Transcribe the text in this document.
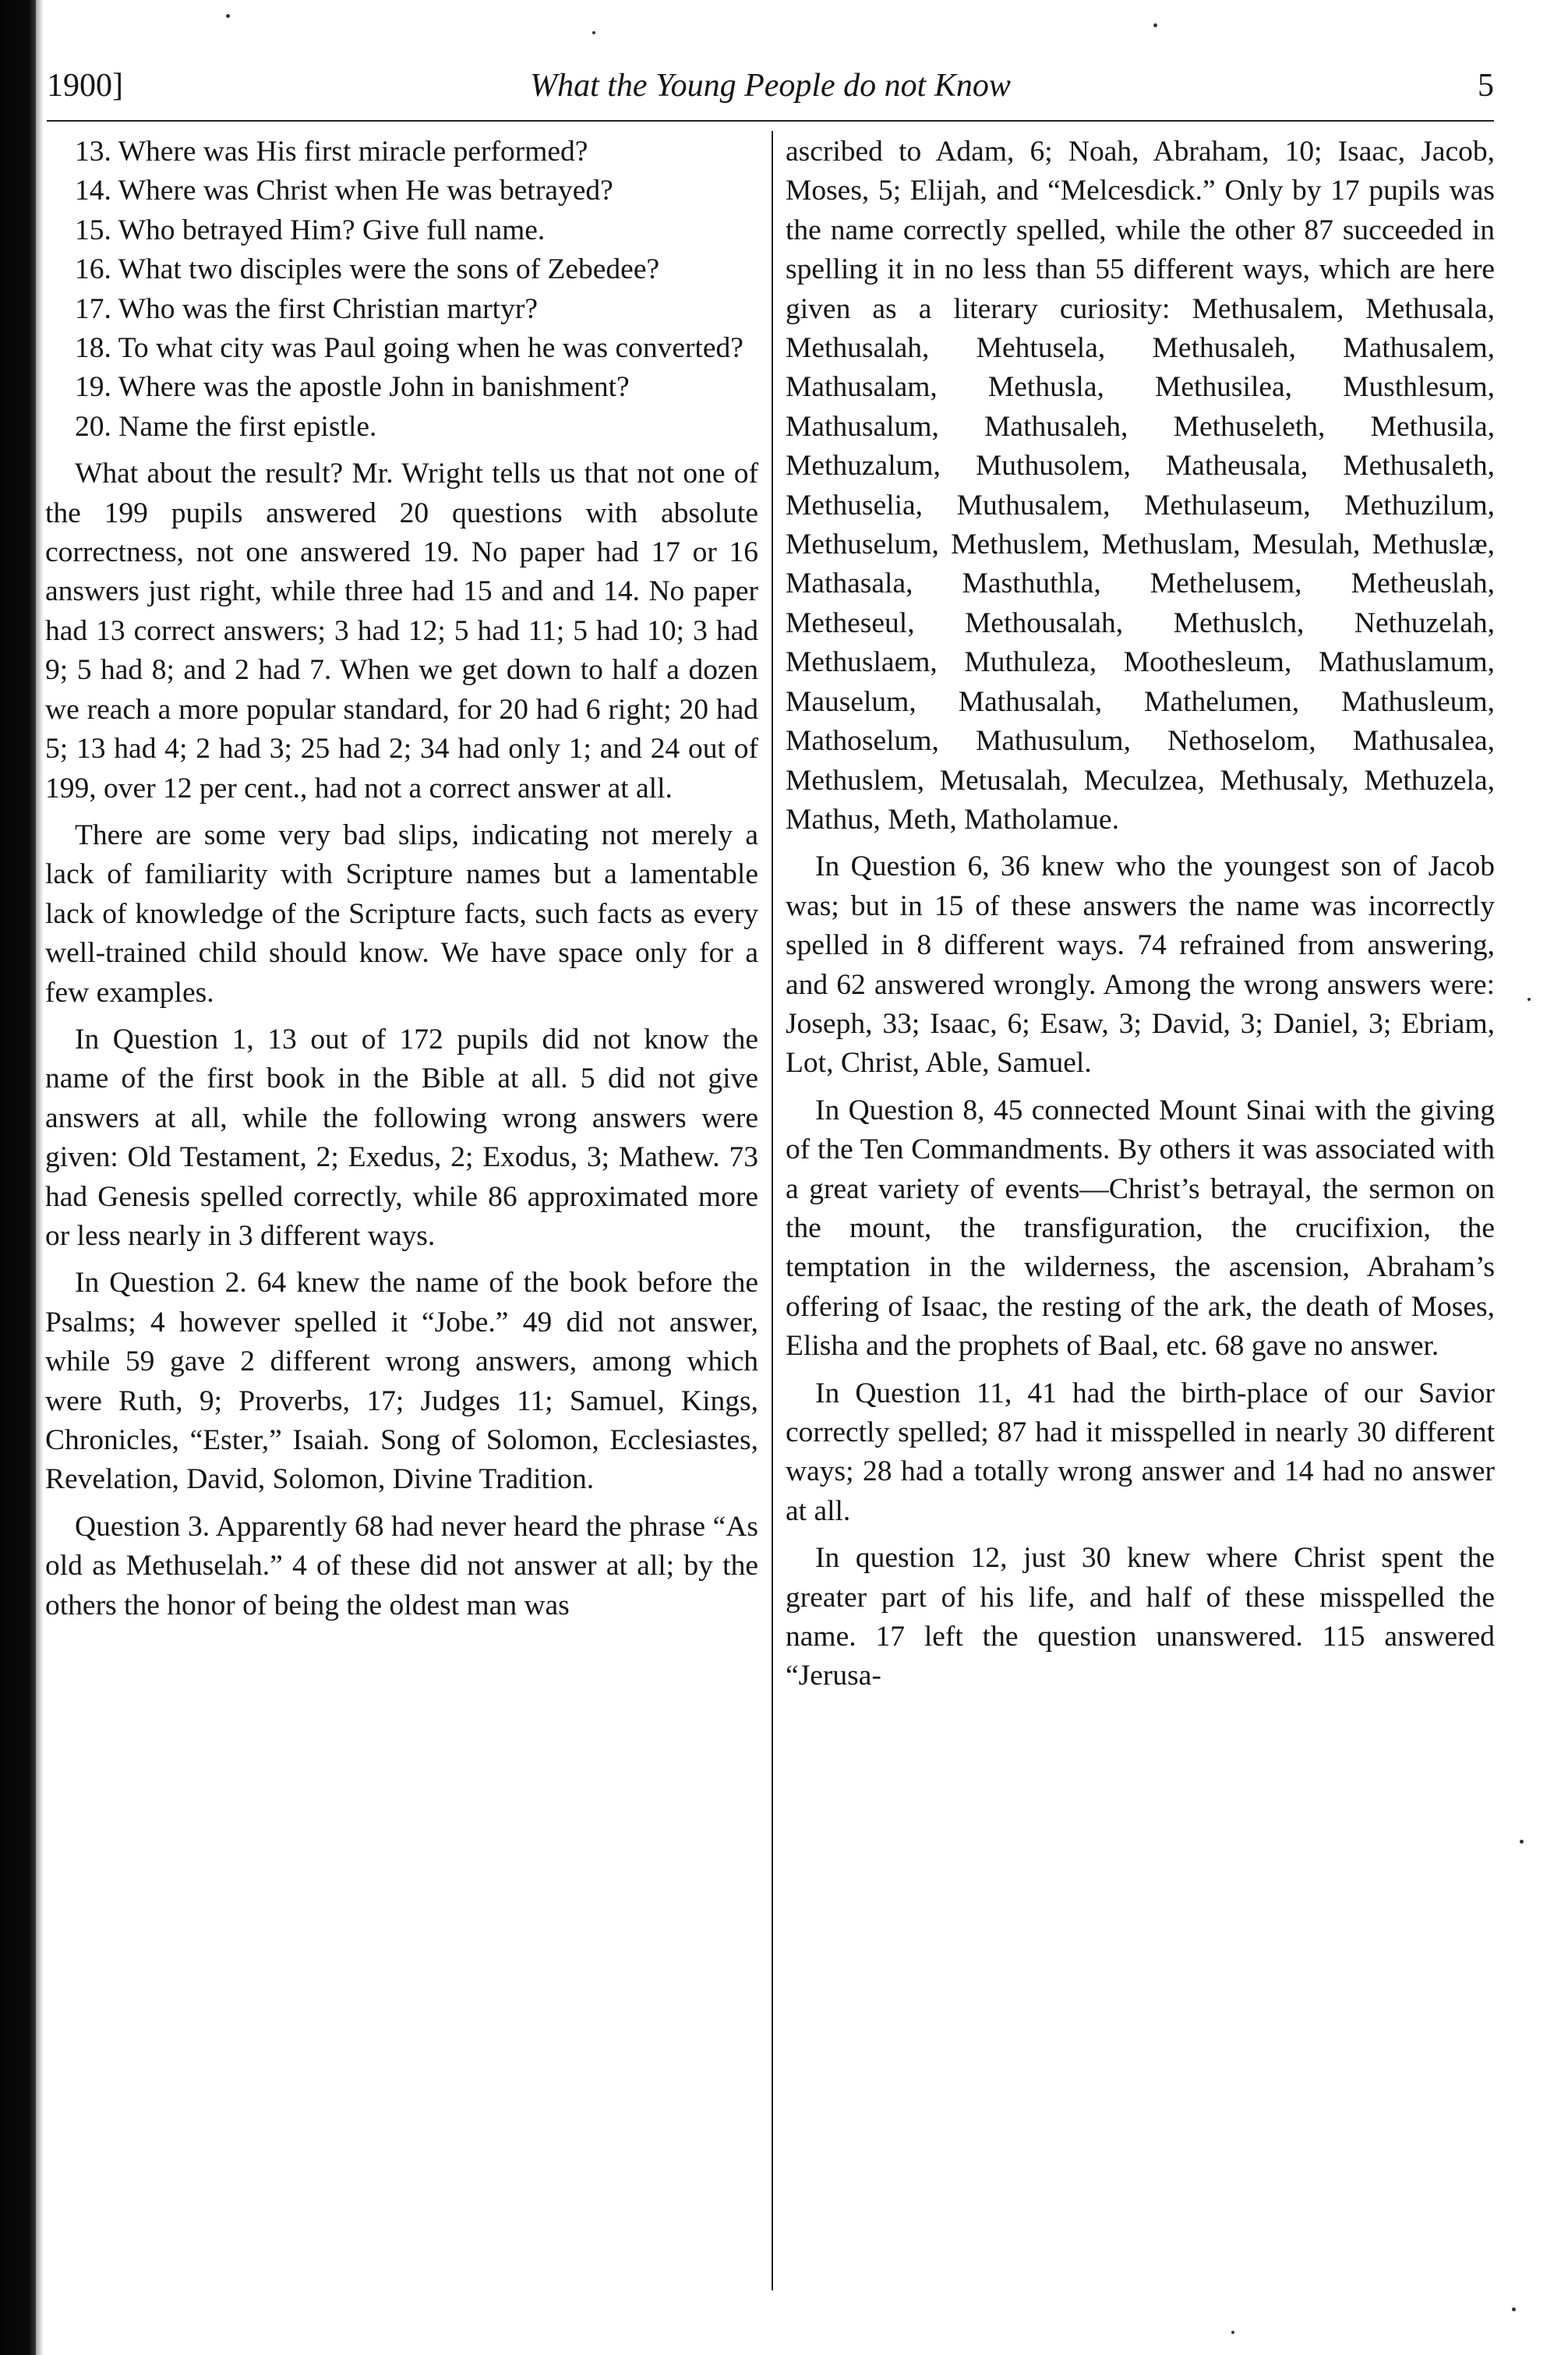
1900]	What the Young People do not Know	5

13. Where was His first miracle performed?

14. Where was Christ when He was betrayed?

15. Who betrayed Him? Give full name.

16. What two disciples were the sons of Zebedee?

17. Who was the first Christian martyr?

18. To what city was Paul going when he was converted?

19. Where was the apostle John in banishment?

20. Name the first epistle.

What about the result? Mr. Wright tells us that not one of the 199 pupils answered 20 questions with absolute correctness, not one answered 19. No paper had 17 or 16 answers just right, while three had 15 and and 14. No paper had 13 correct answers; 3 had 12; 5 had 11; 5 had 10; 3 had 9; 5 had 8; and 2 had 7. When we get down to half a dozen we reach a more popular standard, for 20 had 6 right; 20 had 5; 13 had 4; 2 had 3; 25 had 2; 34 had only 1; and 24 out of 199, over 12 per cent., had not a correct answer at all.

There are some very bad slips, indicating not merely a lack of familiarity with Scripture names but a lamentable lack of knowledge of the Scripture facts, such facts as every well-trained child should know. We have space only for a few examples.

In Question 1, 13 out of 172 pupils did not know the name of the first book in the Bible at all. 5 did not give answers at all, while the following wrong answers were given: Old Testament, 2; Exedus, 2; Exodus, 3; Mathew. 73 had Genesis spelled correctly, while 86 approximated more or less nearly in 3 different ways.

In Question 2. 64 knew the name of the book before the Psalms; 4 however spelled it “Jobe.” 49 did not answer, while 59 gave 2 different wrong answers, among which were Ruth, 9; Proverbs, 17; Judges 11; Samuel, Kings, Chronicles, “Ester,” Isaiah. Song of Solomon, Ecclesiastes, Revelation, David, Solomon, Divine Tradition.

Question 3. Apparently 68 had never heard the phrase “As old as Methuselah.” 4 of these did not answer at all; by the others the honor of being the oldest man was

ascribed to Adam, 6; Noah, Abraham, 10; Isaac, Jacob, Moses, 5; Elijah, and “Melcesdick.” Only by 17 pupils was the name correctly spelled, while the other 87 succeeded in spelling it in no less than 55 different ways, which are here given as a literary curiosity: Methusalem, Methusala, Methusalah, Mehtusela, Methusaleh, Mathusalem, Mathusalam, Methusla, Methusilea, Musthlesum, Mathusalum, Mathusaleh, Methuseleth, Methusila, Methuzalum, Muthusolem, Matheusala, Methusaleth, Methuselia, Muthusalem, Methulaseum, Methuzilum, Methuselum, Methuslem, Methuslam, Mesulah, Methuslæ, Mathasala, Masthuthla, Methelusem, Metheuslah, Metheseul, Methousalah, Methuslch, Nethuzelah, Methuslaem, Muthuleza, Moothesleum, Mathuslamum, Mauselum, Mathusalah, Mathelumen, Mathusleum, Mathoselum, Mathusulum, Nethoselom, Mathusalea, Methuslem, Metusalah, Meculzea, Methusaly, Methuzela, Mathus, Meth, Matholamue.

In Question 6, 36 knew who the youngest son of Jacob was; but in 15 of these answers the name was incorrectly spelled in 8 different ways. 74 refrained from answering, and 62 answered wrongly. Among the wrong answers were: Joseph, 33; Isaac, 6; Esaw, 3; David, 3; Daniel, 3; Ebriam, Lot, Christ, Able, Samuel.

In Question 8, 45 connected Mount Sinai with the giving of the Ten Commandments. By others it was associated with a great variety of events—Christ’s betrayal, the sermon on the mount, the transfiguration, the crucifixion, the temptation in the wilderness, the ascension, Abraham’s offering of Isaac, the resting of the ark, the death of Moses, Elisha and the prophets of Baal, etc. 68 gave no answer.

In Question 11, 41 had the birth-place of our Savior correctly spelled; 87 had it misspelled in nearly 30 different ways; 28 had a totally wrong answer and 14 had no answer at all.

In question 12, just 30 knew where Christ spent the greater part of his life, and half of these misspelled the name. 17 left the question unanswered. 115 answered “Jerusa-
